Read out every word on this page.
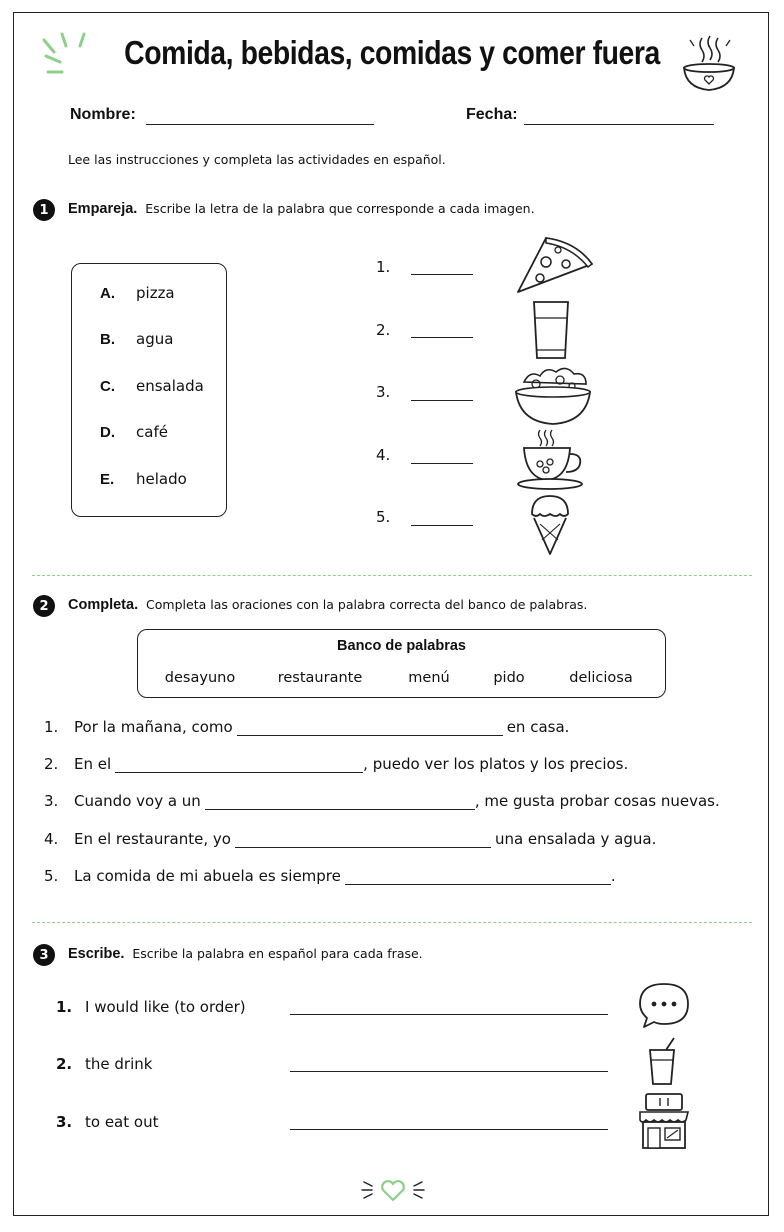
Comida, bebidas, comidas y comer fuera
Nombre:	Fecha:
Lee las instrucciones y completa las actividades en español.
1	Empareja. Escribe la letra de la palabra que corresponde a cada imagen.
A. pizza
B. agua
C. ensalada
D. café
E. helado
1.
2.
3.
4.
5.
2	Completa. Completa las oraciones con la palabra correcta del banco de palabras.
Banco de palabras
desayuno	restaurante	menú	pido	deliciosa
1.	Por la mañana, como	en casa.
2.	En el	, puedo ver los platos y los precios.
3.	Cuando voy a un	, me gusta probar cosas nuevas.
4.	En el restaurante, yo	una ensalada y agua.
5.	La comida de mi abuela es siempre	.
3	Escribe. Escribe la palabra en español para cada frase.
1. I would like (to order)
2. the drink
3. to eat out
